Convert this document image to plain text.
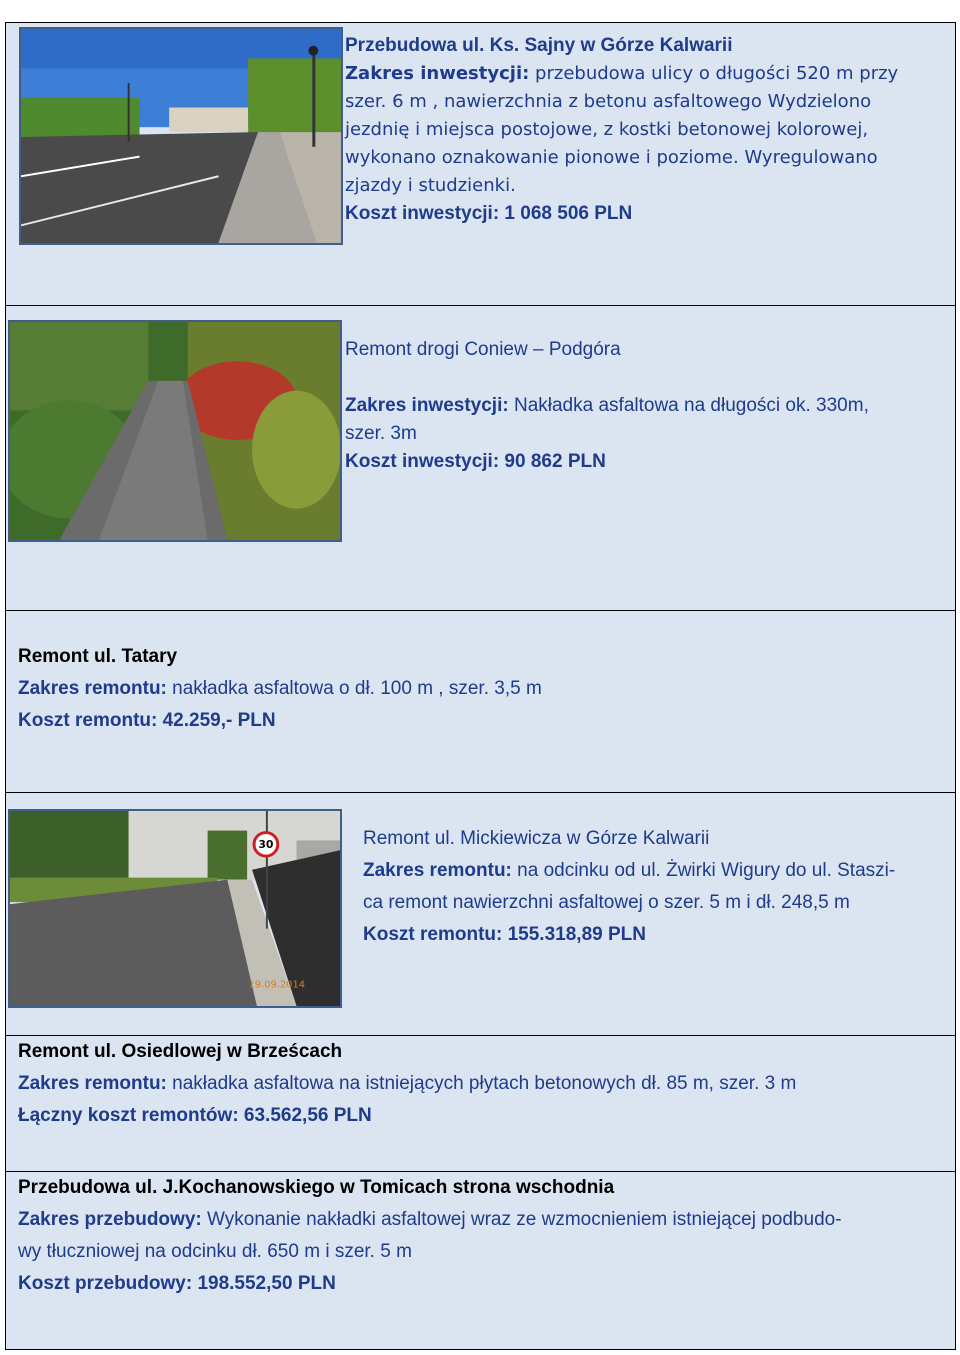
Przebudowa ul. Ks. Sajny w Górze Kalwarii

Zakres inwestycji: przebudowa ulicy o długości 520 m przy

szer. 6 m , nawierzchnia z betonu asfaltowego Wydzielono

jezdnię i miejsca postojowe, z kostki betonowej kolorowej,

wykonano oznakowanie pionowe i poziome. Wyregulowano

zjazdy i studzienki.

Koszt inwestycji: 1 068 506 PLN

Remont drogi Coniew – Podgóra

Zakres inwestycji: Nakładka asfaltowa na długości ok. 330m,

szer. 3m

Koszt inwestycji: 90 862 PLN

Remont ul. Tatary

Zakres remontu: nakładka asfaltowa o dł. 100 m , szer. 3,5 m

Koszt remontu: 42.259,- PLN

30
19.09.2014

Remont ul. Mickiewicza w Górze Kalwarii

Zakres remontu: na odcinku od ul. Żwirki Wigury do ul. Staszi-

ca remont nawierzchni asfaltowej o szer. 5 m i dł. 248,5 m

Koszt remontu: 155.318,89 PLN

Remont ul. Osiedlowej w Brześcach

Zakres remontu: nakładka asfaltowa na istniejących płytach betonowych dł. 85 m, szer. 3 m

Łączny koszt remontów: 63.562,56 PLN

Przebudowa ul. J.Kochanowskiego w Tomicach strona wschodnia

Zakres przebudowy: Wykonanie nakładki asfaltowej wraz ze wzmocnieniem istniejącej podbudo-

wy tłuczniowej na odcinku dł. 650 m i szer. 5 m

Koszt przebudowy: 198.552,50 PLN
